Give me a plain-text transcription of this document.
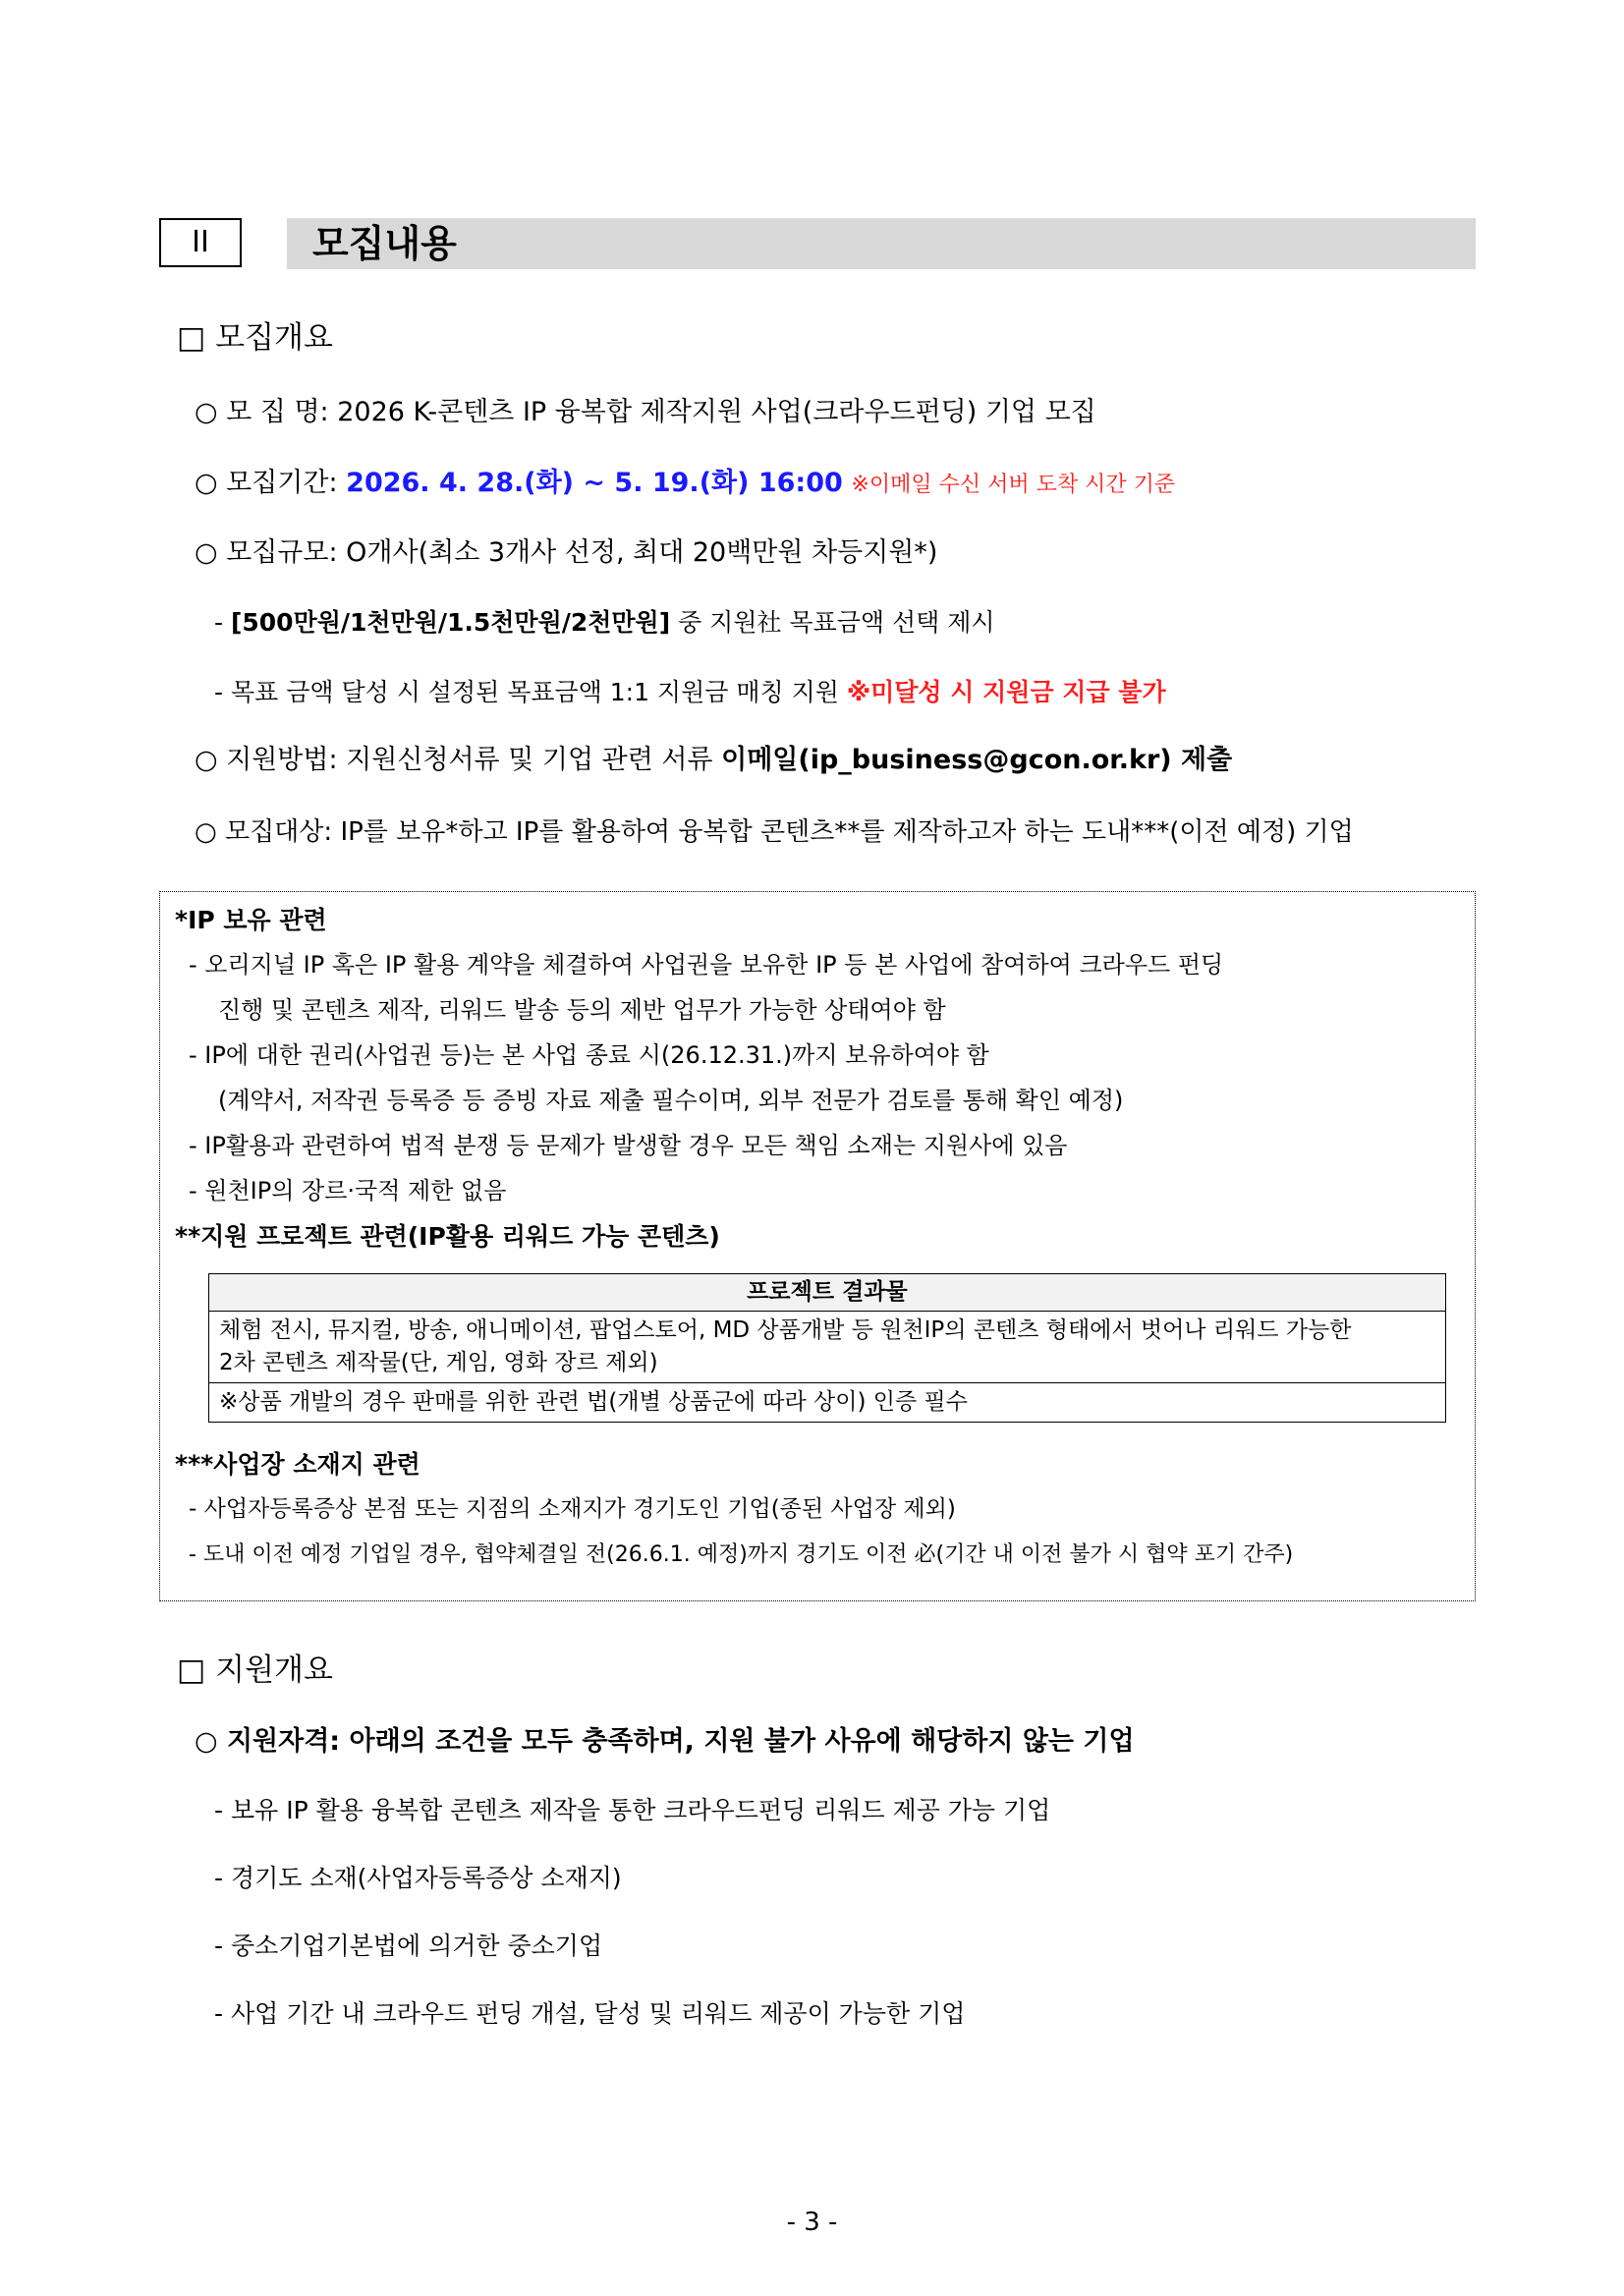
II	모집내용
□ 모집개요
○ 모 집 명: 2026 K-콘텐츠 IP 융복합 제작지원 사업(크라우드펀딩) 기업 모집
○ 모집기간: 2026. 4. 28.(화) ~ 5. 19.(화) 16:00 ※이메일 수신 서버 도착 시간 기준
○ 모집규모: O개사(최소 3개사 선정, 최대 20백만원 차등지원*)
- [500만원/1천만원/1.5천만원/2천만원] 중 지원社 목표금액 선택 제시
- 목표 금액 달성 시 설정된 목표금액 1:1 지원금 매칭 지원 ※미달성 시 지원금 지급 불가
○ 지원방법: 지원신청서류 및 기업 관련 서류 이메일(ip_business@gcon.or.kr) 제출
○ 모집대상: IP를 보유*하고 IP를 활용하여 융복합 콘텐츠**를 제작하고자 하는 도내***(이전 예정) 기업
*IP 보유 관련
- 오리지널 IP 혹은 IP 활용 계약을 체결하여 사업권을 보유한 IP 등 본 사업에 참여하여 크라우드 펀딩
진행 및 콘텐츠 제작, 리워드 발송 등의 제반 업무가 가능한 상태여야 함
- IP에 대한 권리(사업권 등)는 본 사업 종료 시(26.12.31.)까지 보유하여야 함
(계약서, 저작권 등록증 등 증빙 자료 제출 필수이며, 외부 전문가 검토를 통해 확인 예정)
- IP활용과 관련하여 법적 분쟁 등 문제가 발생할 경우 모든 책임 소재는 지원사에 있음
- 원천IP의 장르·국적 제한 없음
**지원 프로젝트 관련(IP활용 리워드 가능 콘텐츠)
프로젝트 결과물

체험 전시, 뮤지컬, 방송, 애니메이션, 팝업스토어, MD 상품개발 등 원천IP의 콘텐츠 형태에서 벗어나 리워드 가능한
2차 콘텐츠 제작물(단, 게임, 영화 장르 제외)

※상품 개발의 경우 판매를 위한 관련 법(개별 상품군에 따라 상이) 인증 필수
***사업장 소재지 관련
- 사업자등록증상 본점 또는 지점의 소재지가 경기도인 기업(종된 사업장 제외)
- 도내 이전 예정 기업일 경우, 협약체결일 전(26.6.1. 예정)까지 경기도 이전 必(기간 내 이전 불가 시 협약 포기 간주)
□ 지원개요
○ 지원자격: 아래의 조건을 모두 충족하며, 지원 불가 사유에 해당하지 않는 기업
- 보유 IP 활용 융복합 콘텐츠 제작을 통한 크라우드펀딩 리워드 제공 가능 기업
- 경기도 소재(사업자등록증상 소재지)
- 중소기업기본법에 의거한 중소기업
- 사업 기간 내 크라우드 펀딩 개설, 달성 및 리워드 제공이 가능한 기업
- 3 -
